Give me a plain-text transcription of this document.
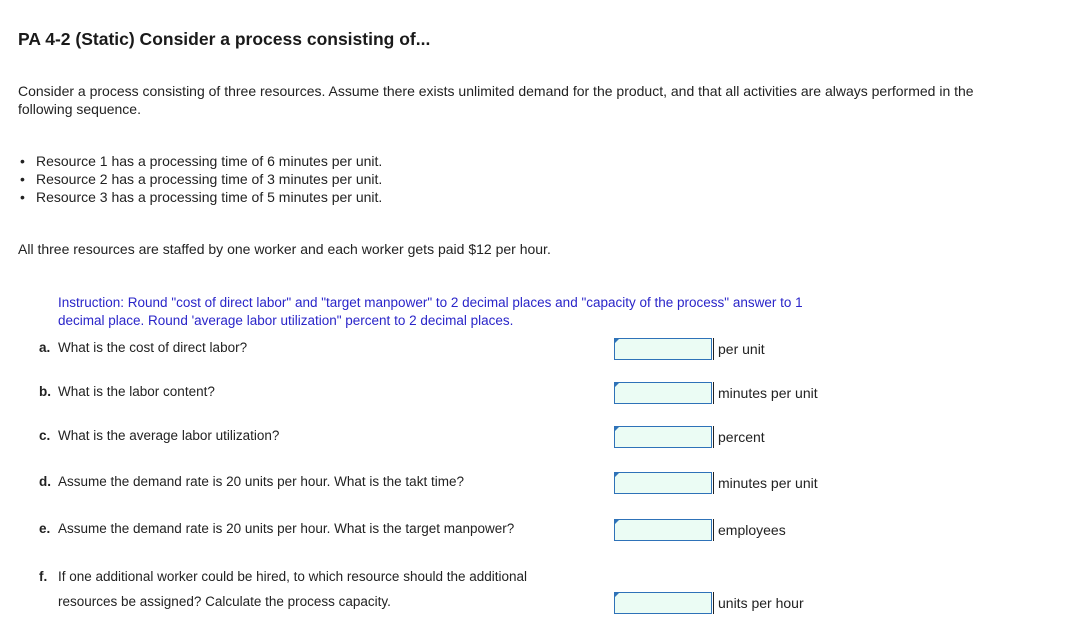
PA 4-2 (Static) Consider a process consisting of...
Consider a process consisting of three resources. Assume there exists unlimited demand for the product, and that all activities are always performed in the following sequence.
• Resource 1 has a processing time of 6 minutes per unit.
• Resource 2 has a processing time of 3 minutes per unit.
• Resource 3 has a processing time of 5 minutes per unit.
All three resources are staffed by one worker and each worker gets paid $12 per hour.
Instruction: Round "cost of direct labor" and "target manpower" to 2 decimal places and "capacity of the process" answer to 1 decimal place. Round 'average labor utilization" percent to 2 decimal places.
a. What is the cost of direct labor?	per unit
b. What is the labor content?	minutes per unit
c. What is the average labor utilization?	percent
d. Assume the demand rate is 20 units per hour. What is the takt time?	minutes per unit
e. Assume the demand rate is 20 units per hour. What is the target manpower?	employees
f. If one additional worker could be hired, to which resource should the additional resources be assigned? Calculate the process capacity.	units per hour
